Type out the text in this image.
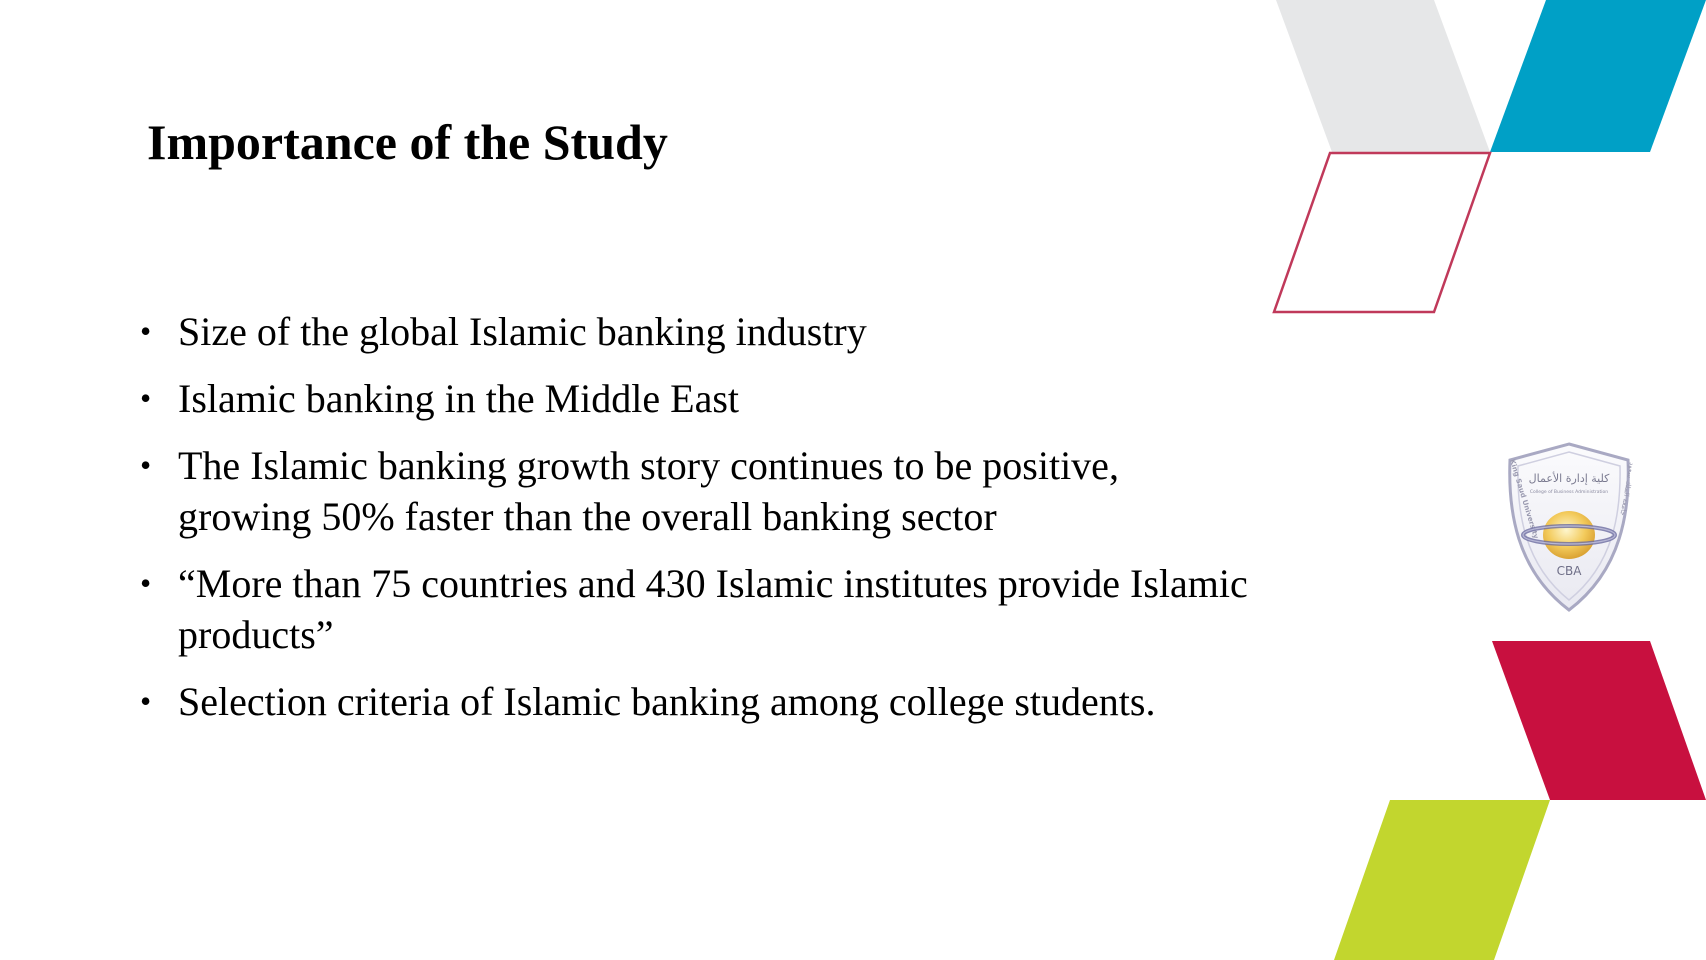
Importance of the Study
• Size of the global Islamic banking industry
• Islamic banking in the Middle East
• The Islamic banking growth story continues to be positive, growing 50% faster than the overall banking sector
• “More than 75 countries and 430 Islamic institutes provide Islamic products”
• Selection criteria of Islamic banking among college students.
كلية إدارة الأعمال
College of Business Administration
King Saud University	جامعة الملك سعود
CBA
